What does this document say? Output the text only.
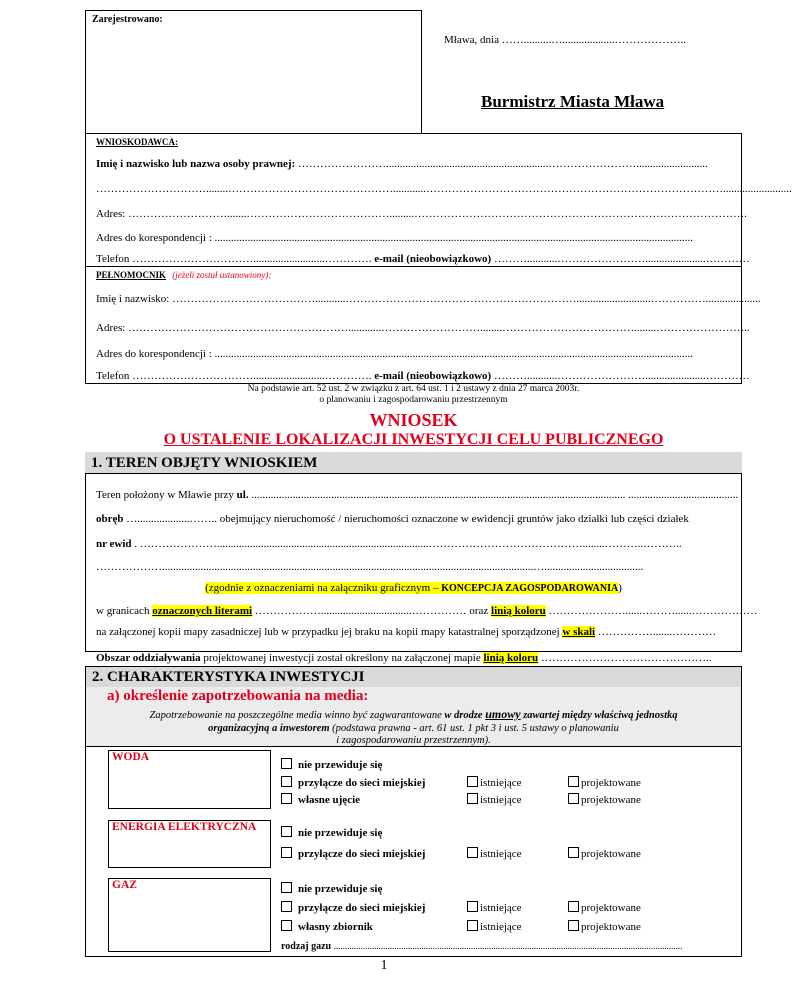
Zarejestrowano:
Mława, dnia ……..........…...................………………..
Burmistrz Miasta Mława
WNIOSKODAWCA:
Imię i nazwisko lub nazwa osoby prawnej: ……………………...........................................................……………………..........................
…………………………........………………………………………............……………………………………………………………………….........................
Adres: ……………………….......………………………………….........……………………………………………………………………………….
Adres do korespondencji : ..............................................................................................................................................................................
Telefon ……………………………..........................…………. e-mail (nieobowiązkowo) ………...........……………………......................…………
PEŁNOMOCNIK (jeżeli został ustanowiony):
Imię i nazwisko: …………………………………...........………………………………………………………...........................……………....................
Adres: ……………………………………………………............………………………........………………………………........……………………..
Adres do korespondencji : ..............................................................................................................................................................................
Telefon ……………………………..........................…………. e-mail (nieobowiązkowo) ………...........……………………......................…………
Na podstawie art. 52 ust. 2 w związku z art. 64 ust. 1 i 2 ustawy z dnia 27 marca 2003r.
o planowaniu i zagospodarowaniu przestrzennym
WNIOSEK
O USTALENIE LOKALIZACJI INWESTYCJI CELU PUBLICZNEGO
1. TEREN OBJĘTY WNIOSKIEM
Teren położony w Mławie przy ul. ........................................................................................................................................ ........................................
obręb …...................…….. obejmujący nieruchomość / nieruchomości oznaczone w ewidencji gruntów jako działki lub części działek
nr ewid . ………………….............................................................................……………………………………........………..………..
……………….......................................................................................................................................…....................................
(zgodnie z oznaczeniami na załączniku graficznym – KONCEPCJA ZAGOSPODAROWANIA)
w granicach oznaczonych literami ……………….................................…………… oraz linią koloru …………………......………......………………
na załączonej kopii mapy zasadniczej lub w przypadku jej braku na kopii mapy katastralnej sporządzonej w skali …………….......…………
Obszar oddziaływania projektowanej inwestycji został określony na załączonej mapie linią koloru ………………………………………..
2. CHARAKTERYSTYKA INWESTYCJI
a) określenie zapotrzebowania na media:
Zapotrzebowanie na poszczególne media winno być zagwarantowane w drodze umowy zawartej między właściwą jednostką
organizacyjną a inwestorem (podstawa prawna - art. 61 ust. 1 pkt 3 i ust. 5 ustawy o planowaniu
i zagospodarowaniu przestrzennym).
WODA
ENERGIA ELEKTRYCZNA
GAZ
nie przewiduje się
przyłącze do sieci miejskiej
własne ujęcie
istniejące
istniejące
projektowane
projektowane
nie przewiduje się
przyłącze do sieci miejskiej	istniejące	projektowane
nie przewiduje się
przyłącze do sieci miejskiej
własny zbiornik
istniejące
istniejące
projektowane
projektowane
rodzaj gazu ...........................................................................................................................................................
1
